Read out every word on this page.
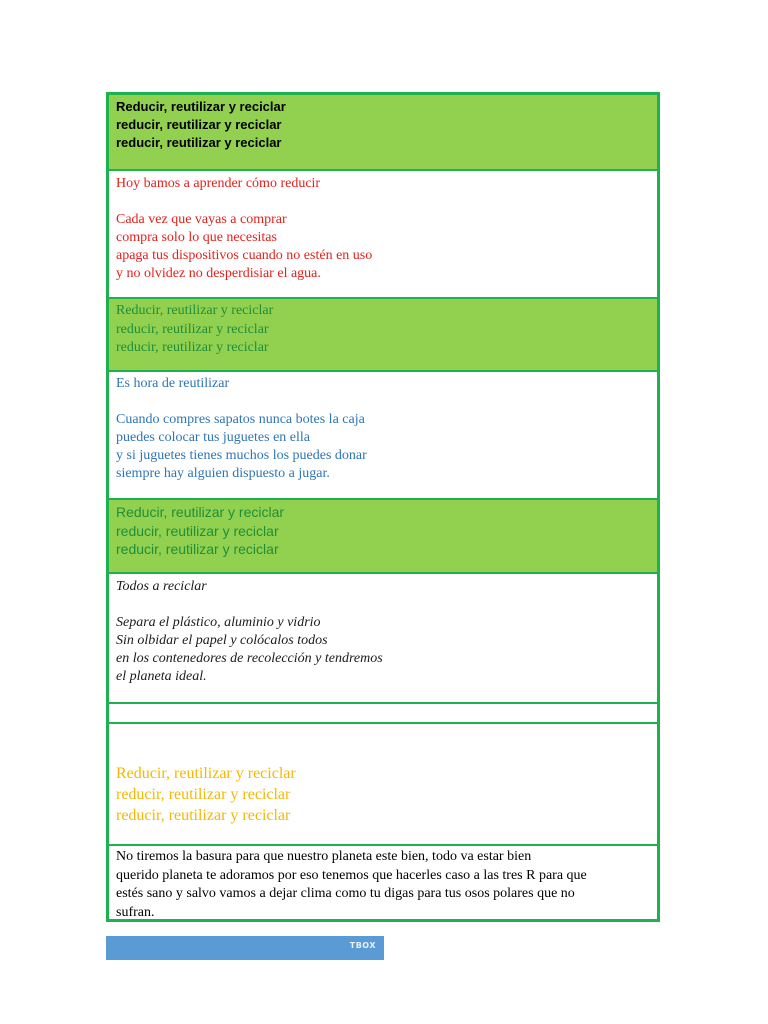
Reducir, reutilizar y reciclar
reducir, reutilizar y reciclar
reducir, reutilizar y reciclar
Hoy bamos a aprender cómo reducir
Cada vez que vayas a comprar
compra solo lo que necesitas
apaga tus dispositivos cuando no estén en uso
y no olvidez no desperdisiar el agua.
Reducir, reutilizar y reciclar
reducir, reutilizar y reciclar
reducir, reutilizar y reciclar
Es hora de reutilizar
Cuando compres sapatos nunca botes la caja
puedes colocar tus juguetes en ella
y si juguetes tienes muchos los puedes donar
siempre hay alguien dispuesto a jugar.
Reducir, reutilizar y reciclar
reducir, reutilizar y reciclar
reducir, reutilizar y reciclar
Todos a reciclar
Separa el plástico, aluminio y vidrio
Sin olbidar el papel y colócalos todos
en los contenedores de recolección y tendremos
el planeta ideal.
Reducir, reutilizar y reciclar
reducir, reutilizar y reciclar
reducir, reutilizar y reciclar
No tiremos la basura para que nuestro planeta este bien, todo va estar bien
querido planeta te adoramos por eso tenemos que hacerles caso a las tres R para que
estés sano y salvo vamos a dejar clima como tu digas para tus osos polares que no
sufran.
TBOX
